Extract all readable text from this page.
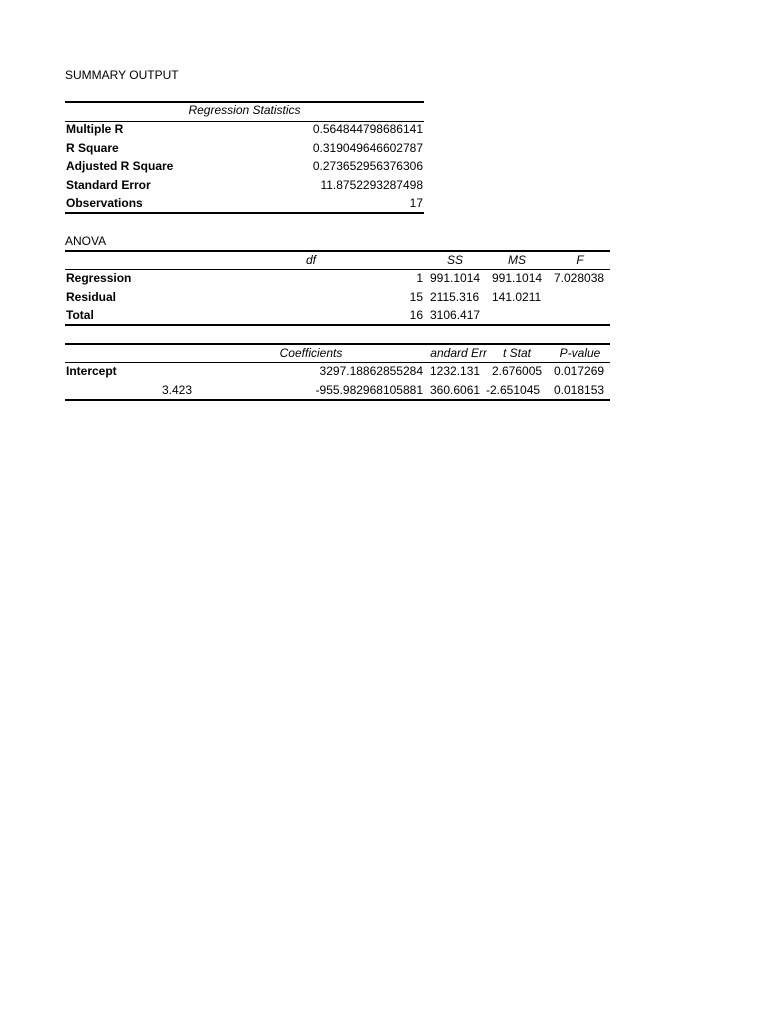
SUMMARY OUTPUT
Regression Statistics
Multiple R	0.564844798686141
R Square	0.319049646602787
Adjusted R Square	0.273652956376306
Standard Error	11.8752293287498
Observations	17
ANOVA
df	SS	MS	F
Regression	1 991.1014 991.1014 7.028038
Residual	15 2115.316	141.0211
Total	16 3106.417
Coefficients	andard Err	t Stat	P-value
Intercept	3297.18862855284 1232.131 2.676005 0.017269
3.423	-955.982968105881 360.6061 -2.651045	0.018153
